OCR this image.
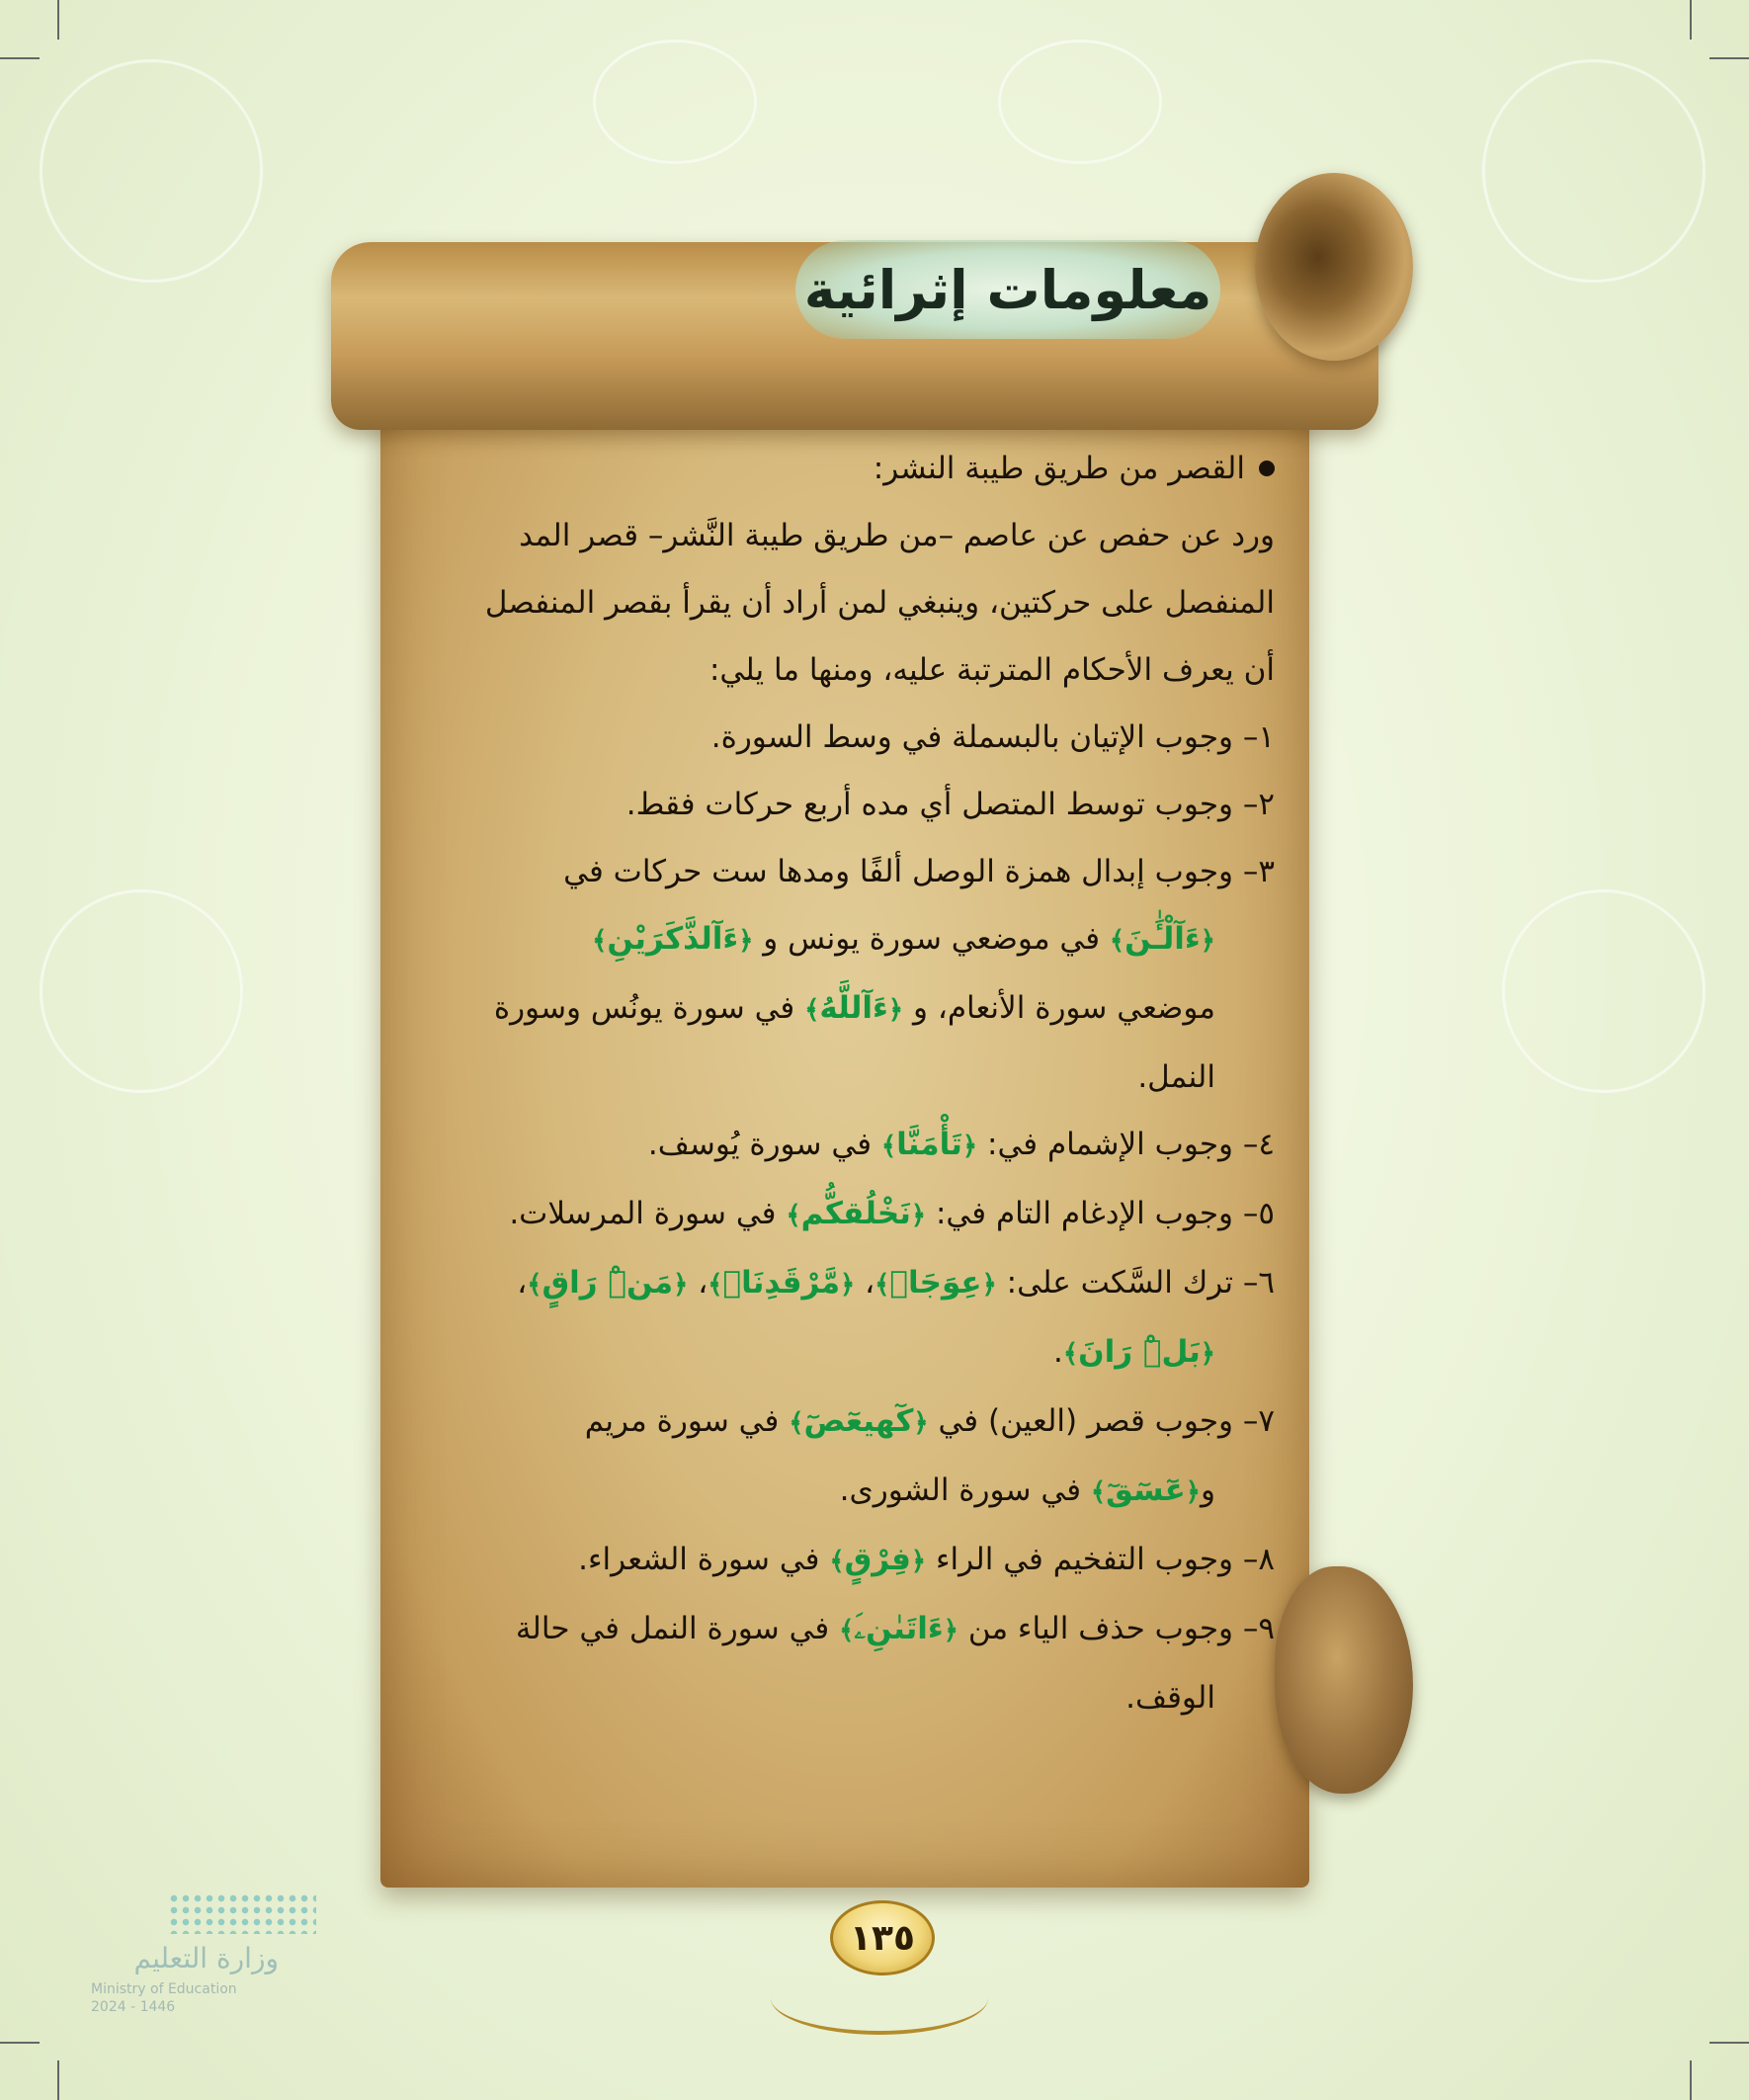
معلومات إثرائية

القصر من طريق طيبة النشر:

ورد عن حفص عن عاصم –من طريق طيبة النَّشر– قصر المد

المنفصل على حركتين، وينبغي لمن أراد أن يقرأ بقصر المنفصل

أن يعرف الأحكام المترتبة عليه، ومنها ما يلي:

١– وجوب الإتيان بالبسملة في وسط السورة.

٢– وجوب توسط المتصل أي مده أربع حركات فقط.

٣– وجوب إبدال همزة الوصل ألفًا ومدها ست حركات في

﴿ءَآلْـَٰٔنَ﴾ في موضعي سورة يونس و ﴿ءَآلذَّكَرَيْنِ﴾

موضعي سورة الأنعام، و ﴿ءَآللَّهُ﴾ في سورة يونُس وسورة

النمل.

٤– وجوب الإشمام في: ﴿تَأْمَنَّا﴾ في سورة يُوسف.

٥– وجوب الإدغام التام في: ﴿نَخْلُقكُّم﴾ في سورة المرسلات.

٦– ترك السَّكت على: ﴿عِوَجَاۜ﴾، ﴿مَّرْقَدِنَاۜ﴾، ﴿مَنْۜ رَاقٍ﴾،

﴿بَلْۜ رَانَ﴾.

٧– وجوب قصر (العين) في ﴿كٓهيعٓصٓ﴾ في سورة مريم

و﴿عٓسٓقٓ﴾ في سورة الشورى.

٨– وجوب التفخيم في الراء ﴿فِرْقٍ﴾ في سورة الشعراء.

٩– وجوب حذف الياء من ﴿ءَاتَىٰنِۦَ﴾ في سورة النمل في حالة

الوقف.

١٣٥
وزارة التعليم
Ministry of Education
2024 - 1446
